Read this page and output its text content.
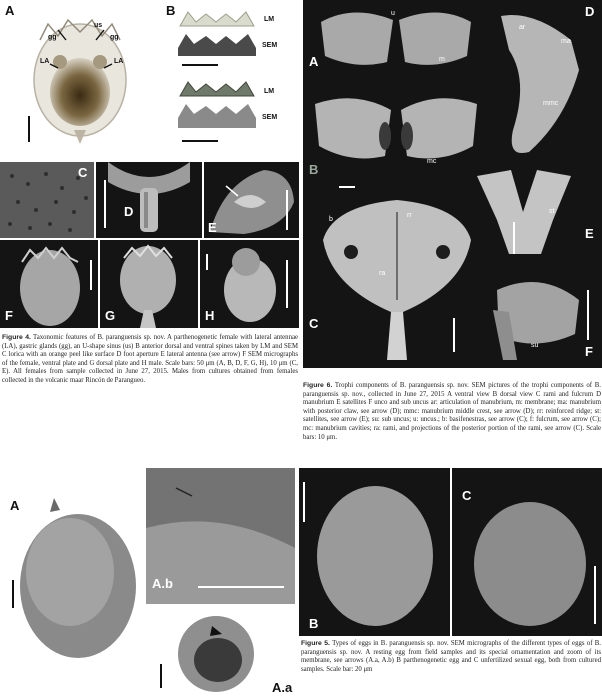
A
us
gg	gg
LA	LA
B
LM
SEM
LM
SEM
C
D
E
F	G	H
Figure 4. Taxonomic features of B. paranguensis sp. nov. A parthenogenetic female with lateral antennae (LA), gastric glands (gg), an U-shape sinus (us) B anterior dorsal and ventral spines taken by LM and SEM C lorica with an orange peel like surface D foot aperture E lateral antenna (see arrow) F SEM micrographs of the female, ventral plate and G dorsal plate and H male. Scale bars: 50 μm (A, B, D, F, G, H), 10 μm (C, E). All females from sample collected in June 27, 2015. Males from cultures obtained from females collected in the volcanic maar Rincón de Parangueo.
A
B
C
D
E
F
u
m
mc
b
rr
ra
ar
ma
mmc
st
su
Figure 6. Trophi components of B. paranguensis sp. nov. SEM pictures of the trophi components of B. paranguensis sp. nov., collected in June 27, 2015 A ventral view B dorsal view C rami and fulcrum D manubrium E satellites F unco and sub uncus ar: articulation of manubrium, m: membrane; ma: manubrium with posterior claw, see arrow (D); mmc: manubrium middle crest, see arrow (D); rr: reinforced ridge; st: satellites, see arrow (E); su: sub uncus; u: uncus.; b: basifenestras, see arrow (C); f: fulcrum, see arrow (C); mc: manubrium cavities; ra: rami, and projections of the posterior portion of the rami, see arrow (C). Scale bars: 10 μm.
A
A.b
A.a
B
C
Figure 5. Types of eggs in B. paranguensis sp. nov. SEM micrographs of the different types of eggs of B. paranguensis sp. nov. A resting egg from field samples and its special ornamentation and zoom of its membrane, see arrows (A.a, A.b) B parthenogenetic egg and C unfertilized sexual egg, both from cultured samples. Scale bar: 20 μm
